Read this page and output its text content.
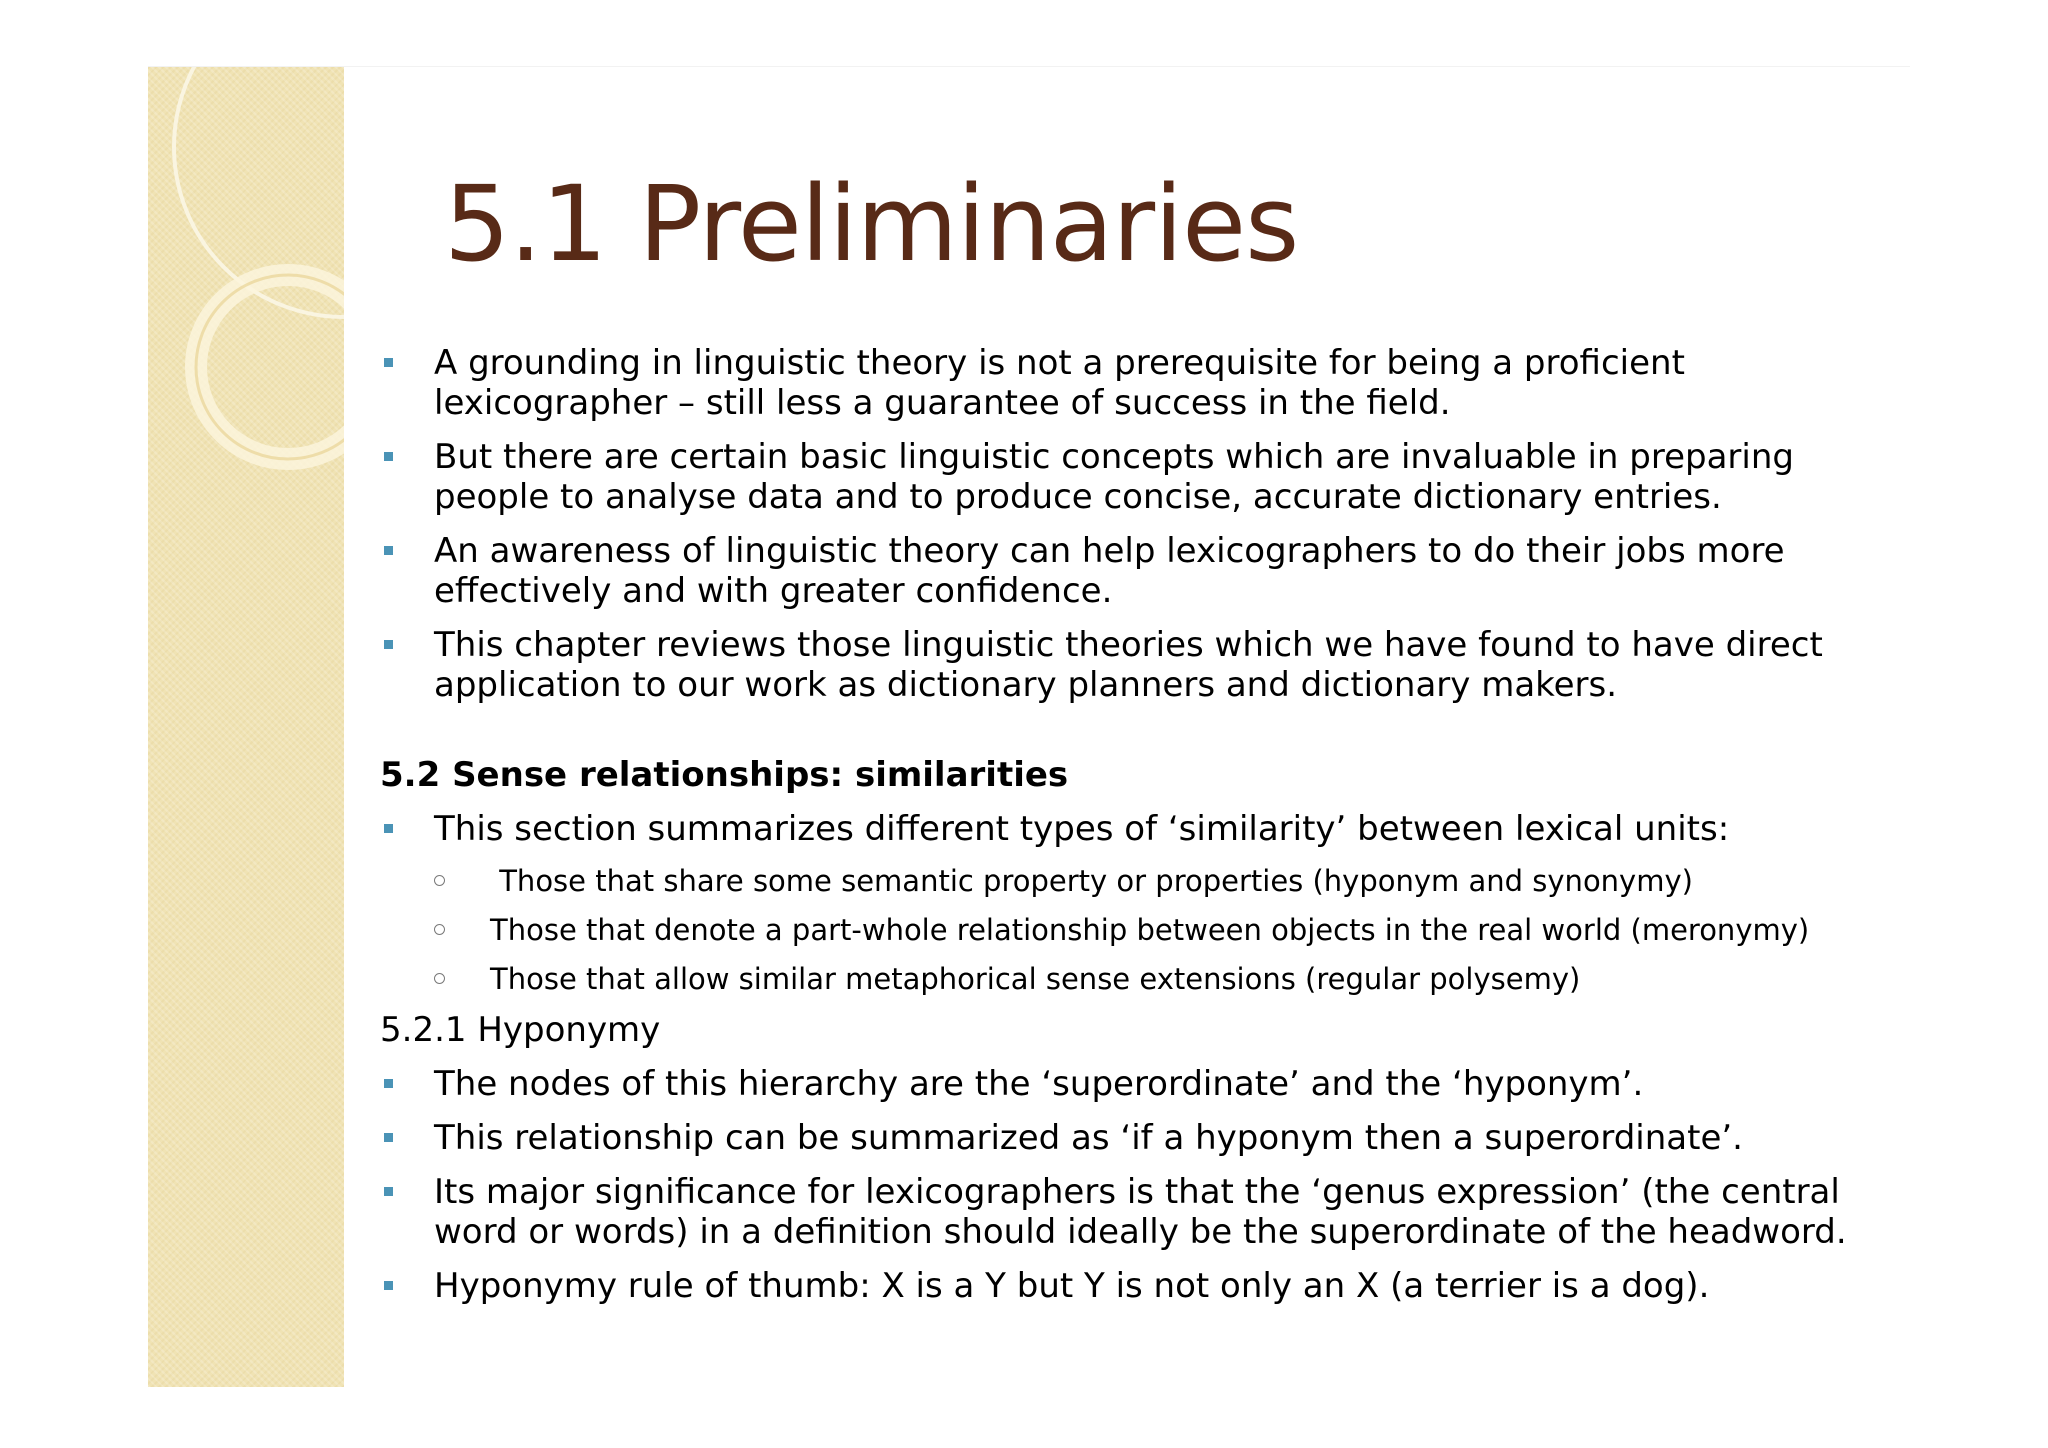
5.1 Preliminaries
A grounding in linguistic theory is not a prerequisite for being a proficient
lexicographer – still less a guarantee of success in the field.
But there are certain basic linguistic concepts which are invaluable in preparing
people to analyse data and to produce concise, accurate dictionary entries.
An awareness of linguistic theory can help lexicographers to do their jobs more
effectively and with greater confidence.
This chapter reviews those linguistic theories which we have found to have direct
application to our work as dictionary planners and dictionary makers.
5.2 Sense relationships: similarities
This section summarizes different types of ‘similarity’ between lexical units:
Those that share some semantic property or properties (hyponym and synonymy)
Those that denote a part-whole relationship between objects in the real world (meronymy)
Those that allow similar metaphorical sense extensions (regular polysemy)
5.2.1 Hyponymy
The nodes of this hierarchy are the ‘superordinate’ and the ‘hyponym’.
This relationship can be summarized as ‘if a hyponym then a superordinate’.
Its major significance for lexicographers is that the ‘genus expression’ (the central
word or words) in a definition should ideally be the superordinate of the headword.
Hyponymy rule of thumb: X is a Y but Y is not only an X (a terrier is a dog).
